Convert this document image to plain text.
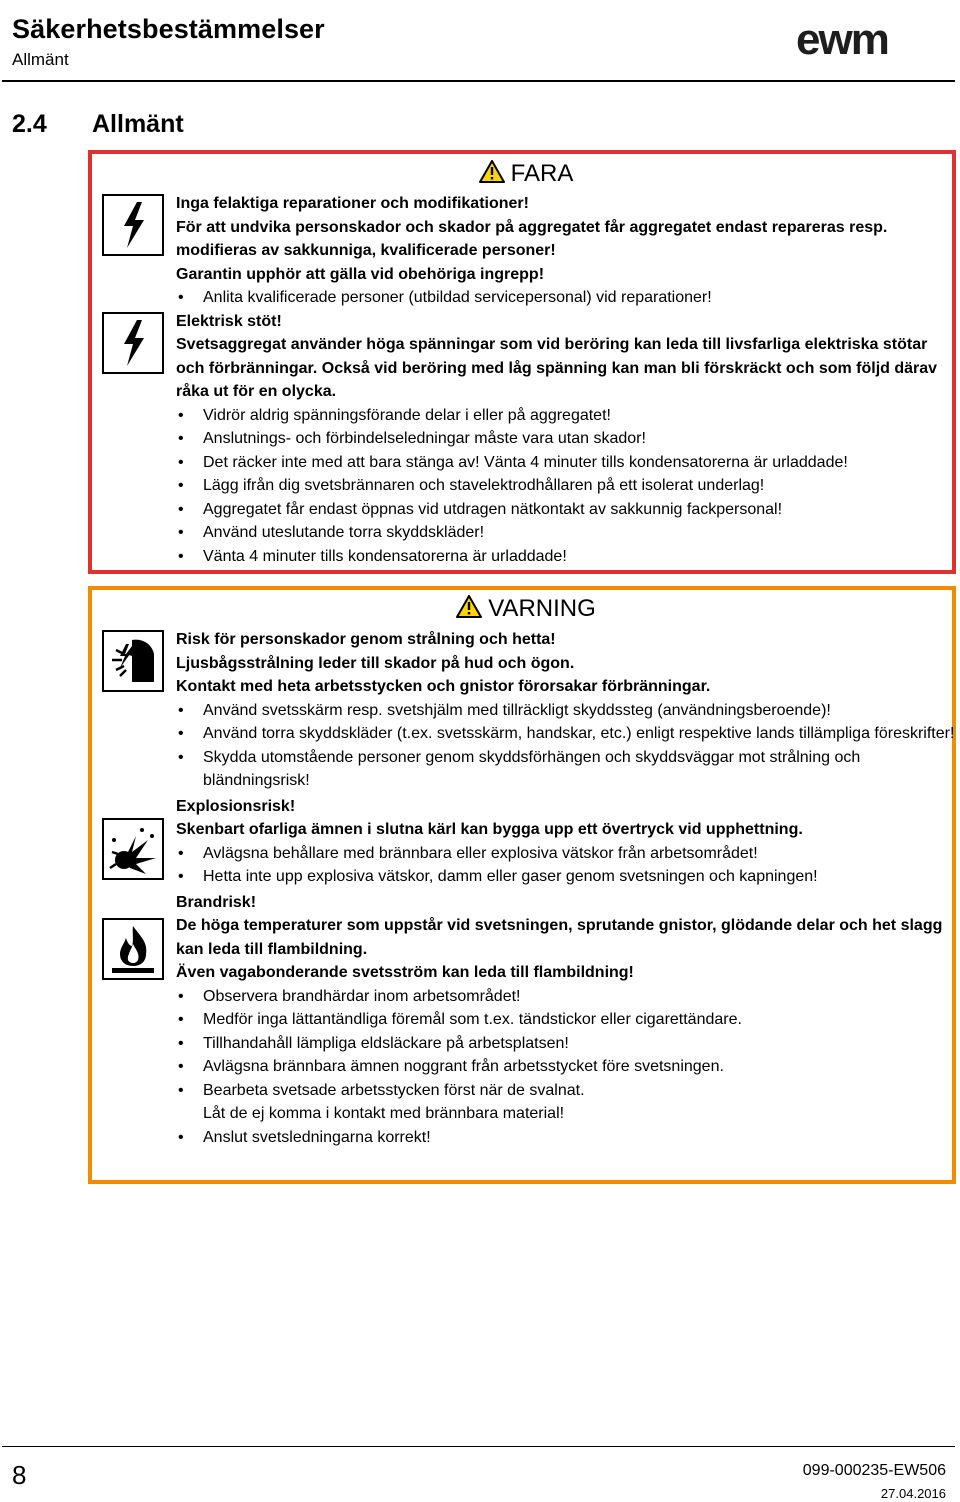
Säkerhetsbestämmelser
Allmänt	ewm
2.4 Allmänt
FARA

Inga felaktiga reparationer och modifikationer!

För att undvika personskador och skador på aggregatet får aggregatet endast repareras resp. modifieras av sakkunniga, kvalificerade personer!

Garantin upphör att gälla vid obehöriga ingrepp!

• Anlita kvalificerade personer (utbildad servicepersonal) vid reparationer!

Elektrisk stöt!

Svetsaggregat använder höga spänningar som vid beröring kan leda till livsfarliga elektriska stötar och förbränningar. Också vid beröring med låg spänning kan man bli förskräckt och som följd därav råka ut för en olycka.

• Vidrör aldrig spänningsförande delar i eller på aggregatet!
• Anslutnings- och förbindelseledningar måste vara utan skador!
• Det räcker inte med att bara stänga av! Vänta 4 minuter tills kondensatorerna är urladdade!
• Lägg ifrån dig svetsbrännaren och stavelektrodhållaren på ett isolerat underlag!
• Aggregatet får endast öppnas vid utdragen nätkontakt av sakkunnig fackpersonal!
• Använd uteslutande torra skyddskläder!
• Vänta 4 minuter tills kondensatorerna är urladdade!
VARNING

Risk för personskador genom strålning och hetta!

Ljusbågsstrålning leder till skador på hud och ögon.

Kontakt med heta arbetsstycken och gnistor förorsakar förbränningar.

• Använd svetsskärm resp. svetshjälm med tillräckligt skyddssteg (användningsberoende)!
• Använd torra skyddskläder (t.ex. svetsskärm, handskar, etc.) enligt respektive lands tillämpliga föreskrifter!
• Skydda utomstående personer genom skyddsförhängen och skyddsväggar mot strålning och bländningsrisk!

Explosionsrisk!

Skenbart ofarliga ämnen i slutna kärl kan bygga upp ett övertryck vid upphettning.

• Avlägsna behållare med brännbara eller explosiva vätskor från arbetsområdet!
• Hetta inte upp explosiva vätskor, damm eller gaser genom svetsningen och kapningen!

Brandrisk!

De höga temperaturer som uppstår vid svetsningen, sprutande gnistor, glödande delar och het slagg kan leda till flambildning.

Även vagabonderande svetsström kan leda till flambildning!

• Observera brandhärdar inom arbetsområdet!
• Medför inga lättantändliga föremål som t.ex. tändstickor eller cigarettändare.
• Tillhandahåll lämpliga eldsläckare på arbetsplatsen!
• Avlägsna brännbara ämnen noggrant från arbetsstycket före svetsningen.
• Bearbeta svetsade arbetsstycken först när de svalnat.
Låt de ej komma i kontakt med brännbara material!
• Anslut svetsledningarna korrekt!
8	099-000235-EW506
27.04.2016
